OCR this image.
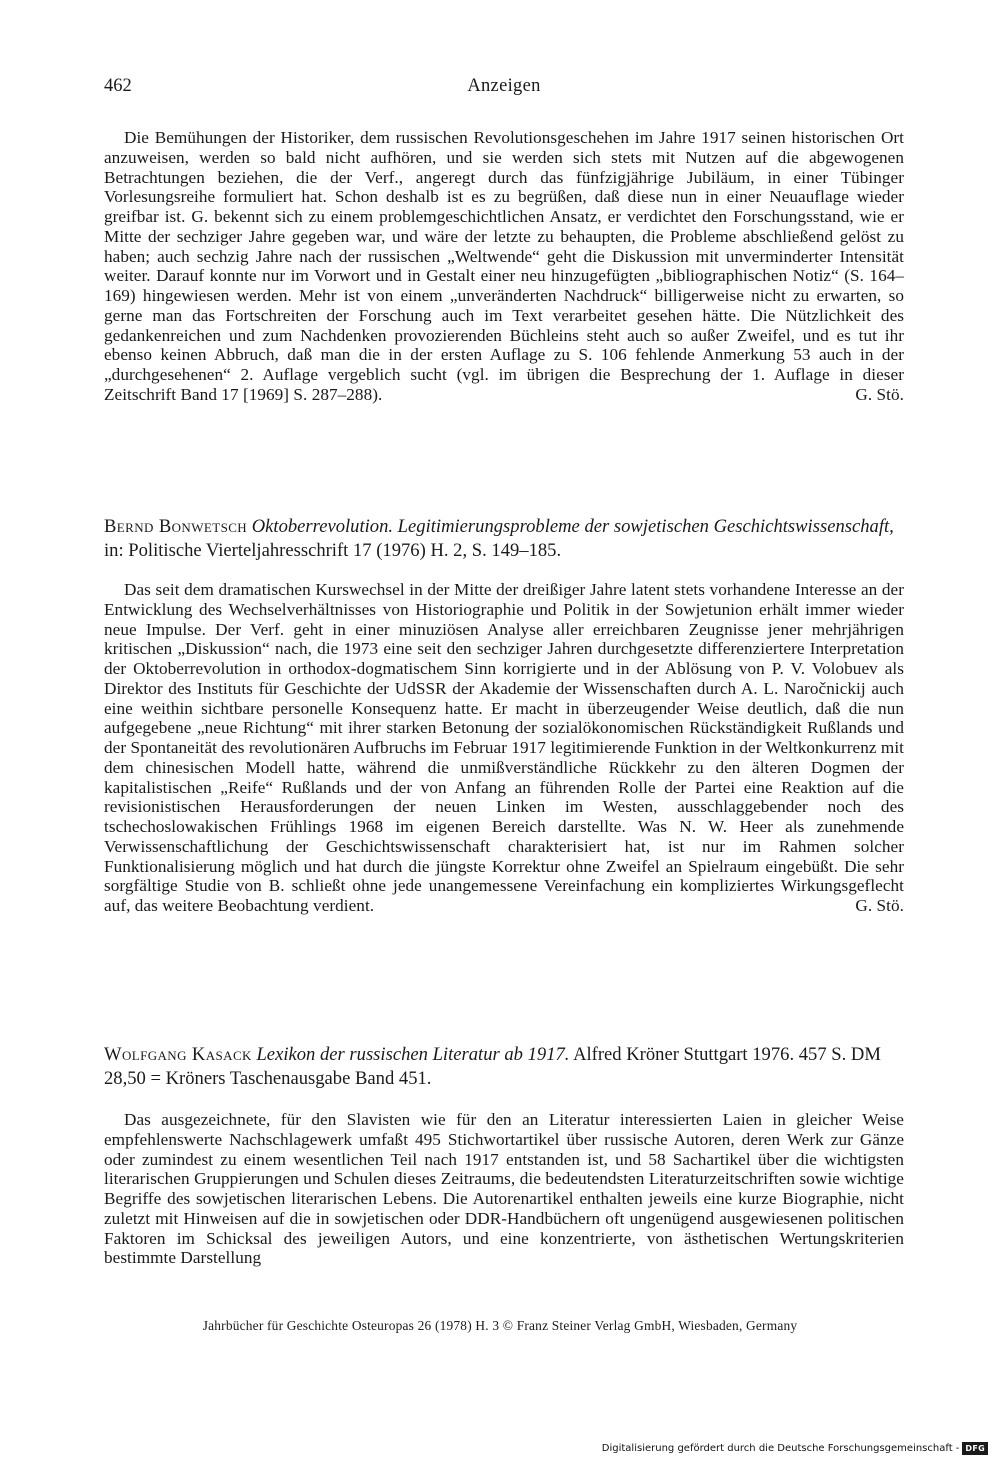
462	Anzeigen

Die Bemühungen der Historiker, dem russischen Revolutionsgeschehen im Jahre 1917 seinen historischen Ort anzuweisen, werden so bald nicht aufhören, und sie werden sich stets mit Nutzen auf die abgewogenen Betrachtungen beziehen, die der Verf., angeregt durch das fünfzigjährige Jubiläum, in einer Tübinger Vorlesungsreihe formuliert hat. Schon deshalb ist es zu begrüßen, daß diese nun in einer Neuauflage wieder greifbar ist. G. bekennt sich zu einem problemgeschichtlichen Ansatz, er verdichtet den Forschungsstand, wie er Mitte der sechziger Jahre gegeben war, und wäre der letzte zu behaupten, die Probleme abschließend gelöst zu haben; auch sechzig Jahre nach der russischen „Weltwende“ geht die Diskussion mit unverminderter Intensität weiter. Darauf konnte nur im Vorwort und in Gestalt einer neu hinzugefügten „bibliographischen Notiz“ (S. 164–169) hingewiesen werden. Mehr ist von einem „unveränderten Nachdruck“ billigerweise nicht zu erwarten, so gerne man das Fortschreiten der Forschung auch im Text verarbeitet gesehen hätte. Die Nützlichkeit des gedankenreichen und zum Nachdenken provozierenden Büchleins steht auch so außer Zweifel, und es tut ihr ebenso keinen Abbruch, daß man die in der ersten Auflage zu S. 106 fehlende Anmerkung 53 auch in der „durchgesehenen“ 2. Auflage vergeblich sucht (vgl. im übrigen die Besprechung der 1. Auflage in dieser Zeitschrift Band 17 [1969] S. 287–288).	G. Stö.

Bernd Bonwetsch Oktoberrevolution. Legitimierungsprobleme der sowjetischen Geschichtswissenschaft, in: Politische Vierteljahresschrift 17 (1976) H. 2, S. 149–185.

Das seit dem dramatischen Kurswechsel in der Mitte der dreißiger Jahre latent stets vorhandene Interesse an der Entwicklung des Wechselverhältnisses von Historiographie und Politik in der Sowjetunion erhält immer wieder neue Impulse. Der Verf. geht in einer minuziösen Analyse aller erreichbaren Zeugnisse jener mehrjährigen kritischen „Diskussion“ nach, die 1973 eine seit den sechziger Jahren durchgesetzte differenziertere Interpretation der Oktoberrevolution in orthodox-dogmatischem Sinn korrigierte und in der Ablösung von P. V. Volobuev als Direktor des Instituts für Geschichte der UdSSR der Akademie der Wissenschaften durch A. L. Naročnickij auch eine weithin sichtbare personelle Konsequenz hatte. Er macht in überzeugender Weise deutlich, daß die nun aufgegebene „neue Richtung“ mit ihrer starken Betonung der sozialökonomischen Rückständigkeit Rußlands und der Spontaneität des revolutionären Aufbruchs im Februar 1917 legitimierende Funktion in der Weltkonkurrenz mit dem chinesischen Modell hatte, während die unmißverständliche Rückkehr zu den älteren Dogmen der kapitalistischen „Reife“ Rußlands und der von Anfang an führenden Rolle der Partei eine Reaktion auf die revisionistischen Herausforderungen der neuen Linken im Westen, ausschlaggebender noch des tschechoslowakischen Frühlings 1968 im eigenen Bereich darstellte. Was N. W. Heer als zunehmende Verwissenschaftlichung der Geschichtswissenschaft charakterisiert hat, ist nur im Rahmen solcher Funktionalisierung möglich und hat durch die jüngste Korrektur ohne Zweifel an Spielraum eingebüßt. Die sehr sorgfältige Studie von B. schließt ohne jede unangemessene Vereinfachung ein kompliziertes Wirkungsgeflecht auf, das weitere Beobachtung verdient.	G. Stö.

Wolfgang Kasack Lexikon der russischen Literatur ab 1917. Alfred Kröner Stuttgart 1976. 457 S. DM 28,50 = Kröners Taschenausgabe Band 451.

Das ausgezeichnete, für den Slavisten wie für den an Literatur interessierten Laien in gleicher Weise empfehlenswerte Nachschlagewerk umfaßt 495 Stichwortartikel über russische Autoren, deren Werk zur Gänze oder zumindest zu einem wesentlichen Teil nach 1917 entstanden ist, und 58 Sachartikel über die wichtigsten literarischen Gruppierungen und Schulen dieses Zeitraums, die bedeutendsten Literaturzeitschriften sowie wichtige Begriffe des sowjetischen literarischen Lebens. Die Autorenartikel enthalten jeweils eine kurze Biographie, nicht zuletzt mit Hinweisen auf die in sowjetischen oder DDR-Handbüchern oft ungenügend ausgewiesenen politischen Faktoren im Schicksal des jeweiligen Autors, und eine konzentrierte, von ästhetischen Wertungskriterien bestimmte Darstellung

Jahrbücher für Geschichte Osteuropas 26 (1978) H. 3 © Franz Steiner Verlag GmbH, Wiesbaden, Germany
Digitalisierung gefördert durch die Deutsche Forschungsgemeinschaft - DFG
